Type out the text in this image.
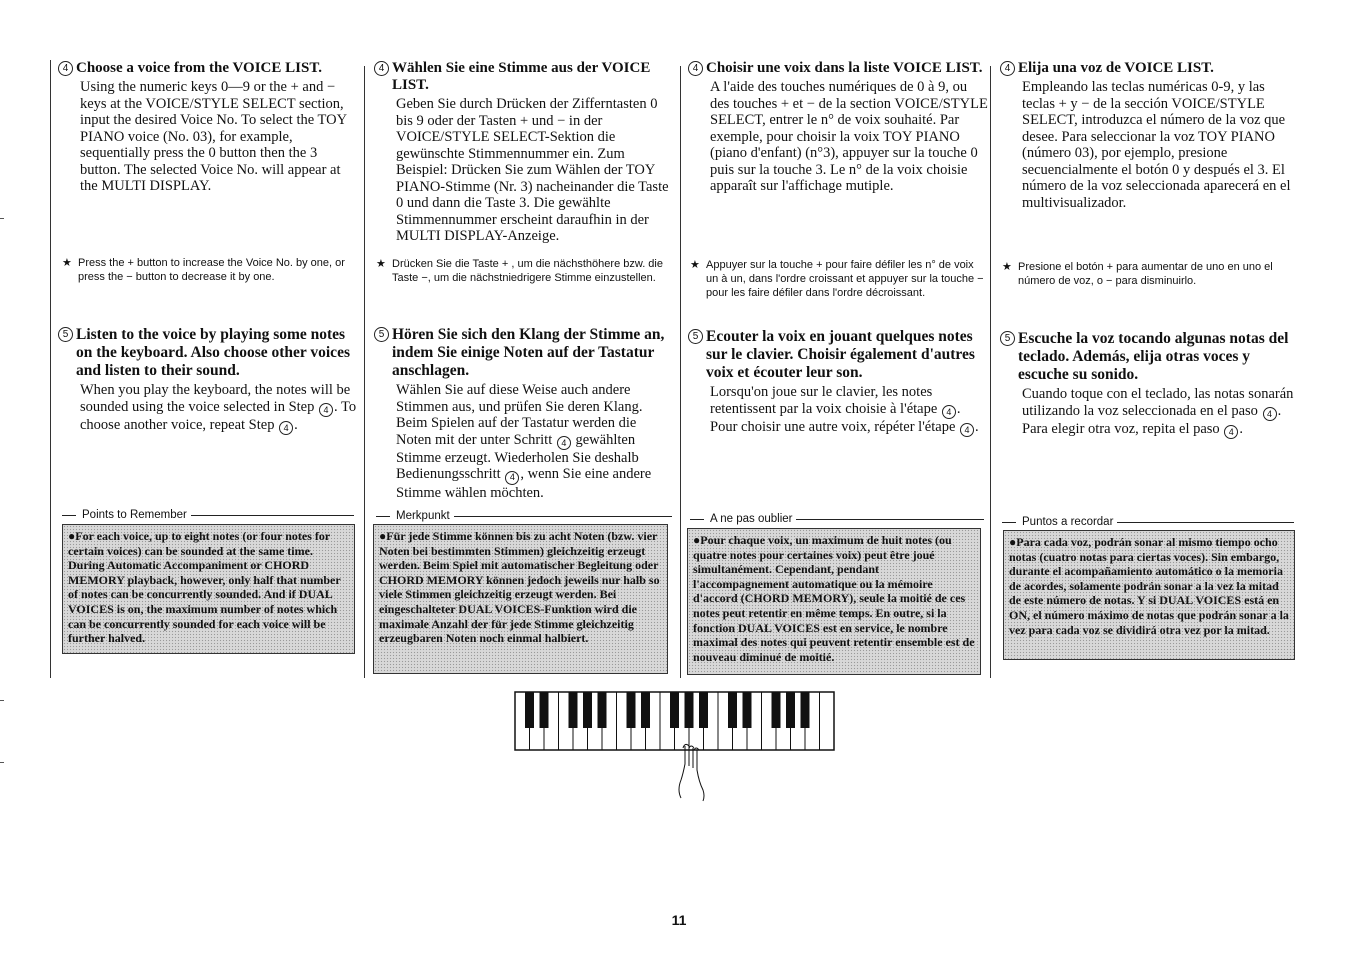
4 Choose a voice from the VOICE LIST.
Using the numeric keys 0—9 or the + and − keys at the VOICE/STYLE SELECT section, input the desired Voice No. To select the TOY PIANO voice (No. 03), for example, sequentially press the 0 button then the 3 button. The selected Voice No. will appear at the MULTI DISPLAY.
★ Press the + button to increase the Voice No. by one, or press the − button to decrease it by one.
5 Listen to the voice by playing some notes on the keyboard. Also choose other voices and listen to their sound.
When you play the keyboard, the notes will be sounded using the voice selected in Step 4 . To choose another voice, repeat Step 4 .
Points to Remember
●For each voice, up to eight notes (or four notes for certain voices) can be sounded at the same time. During Automatic Accompaniment or CHORD MEMORY playback, however, only half that number of notes can be concurrently sounded. And if DUAL VOICES is on, the maximum number of notes which can be concurrently sounded for each voice will be further halved.
4 Wählen Sie eine Stimme aus der VOICE LIST.
Geben Sie durch Drücken der Zifferntasten 0 bis 9 oder der Tasten + und − in der VOICE/STYLE SELECT-Sektion die gewünschte Stimmennummer ein. Zum Beispiel: Drücken Sie zum Wählen der TOY PIANO-Stimme (Nr. 3) nacheinander die Taste 0 und dann die Taste 3. Die gewählte Stimmennummer erscheint daraufhin in der MULTI DISPLAY-Anzeige.
★ Drücken Sie die Taste + , um die nächsthöhere bzw. die Taste −, um die nächstniedrigere Stimme einzustellen.
5 Hören Sie sich den Klang der Stimme an, indem Sie einige Noten auf der Tastatur anschlagen.
Wählen Sie auf diese Weise auch andere Stimmen aus, und prüfen Sie deren Klang. Beim Spielen auf der Tastatur werden die Noten mit der unter Schritt 4 gewählten Stimme erzeugt. Wiederholen Sie deshalb Bedienungsschritt 4 , wenn Sie eine andere Stimme wählen möchten.
Merkpunkt
●Für jede Stimme können bis zu acht Noten (bzw. vier Noten bei bestimmten Stimmen) gleichzeitig erzeugt werden. Beim Spiel mit automatischer Begleitung oder CHORD MEMORY können jedoch jeweils nur halb so viele Stimmen gleichzeitig erzeugt werden. Bei eingeschalteter DUAL VOICES-Funktion wird die maximale Anzahl der für jede Stimme gleichzeitig erzeugbaren Noten noch einmal halbiert.
4 Choisir une voix dans la liste VOICE LIST.
A l'aide des touches numériques de 0 à 9, ou des touches + et − de la section VOICE/STYLE SELECT, entrer le n° de voix souhaité. Par exemple, pour choisir la voix TOY PIANO (piano d'enfant) (n°3), appuyer sur la touche 0 puis sur la touche 3. Le n° de la voix choisie apparaît sur l'affichage mutiple.
★ Appuyer sur la touche + pour faire défiler les n° de voix un à un, dans l'ordre croissant et appuyer sur la touche − pour les faire défiler dans l'ordre décroissant.
5 Ecouter la voix en jouant quelques notes sur le clavier. Choisir également d'autres voix et écouter leur son.
Lorsqu'on joue sur le clavier, les notes retentissent par la voix choisie à l'étape 4 . Pour choisir une autre voix, répéter l'étape 4 .
A ne pas oublier
●Pour chaque voix, un maximum de huit notes (ou quatre notes pour certaines voix) peut être joué simultanément. Cependant, pendant l'accompagnement automatique ou la mémoire d'accord (CHORD MEMORY), seule la moitié de ces notes peut retentir en même temps. En outre, si la fonction DUAL VOICES est en service, le nombre maximal des notes qui peuvent retentir ensemble est de nouveau diminué de moitié.
4 Elija una voz de VOICE LIST.
Empleando las teclas numéricas 0-9, y las teclas + y − de la sección VOICE/STYLE SELECT, introduzca el número de la voz que desee. Para seleccionar la voz TOY PIANO (número 03), por ejemplo, presione secuencialmente el botón 0 y después el 3. El número de la voz seleccionada aparecerá en el multivisualizador.
★ Presione el botón + para aumentar de uno en uno el número de voz, o − para disminuirlo.
5 Escuche la voz tocando algunas notas del teclado. Además, elija otras voces y escuche su sonido.
Cuando toque con el teclado, las notas sonarán utilizando la voz seleccionada en el paso 4 . Para elegir otra voz, repita el paso 4 .
Puntos a recordar
●Para cada voz, podrán sonar al mismo tiempo ocho notas (cuatro notas para ciertas voces). Sin embargo, durante el acompañamiento automático o la memoria de acordes, solamente podrán sonar a la vez la mitad de este número de notas. Y si DUAL VOICES está en ON, el número máximo de notas que podrán sonar a la vez para cada voz se dividirá otra vez por la mitad.
11
